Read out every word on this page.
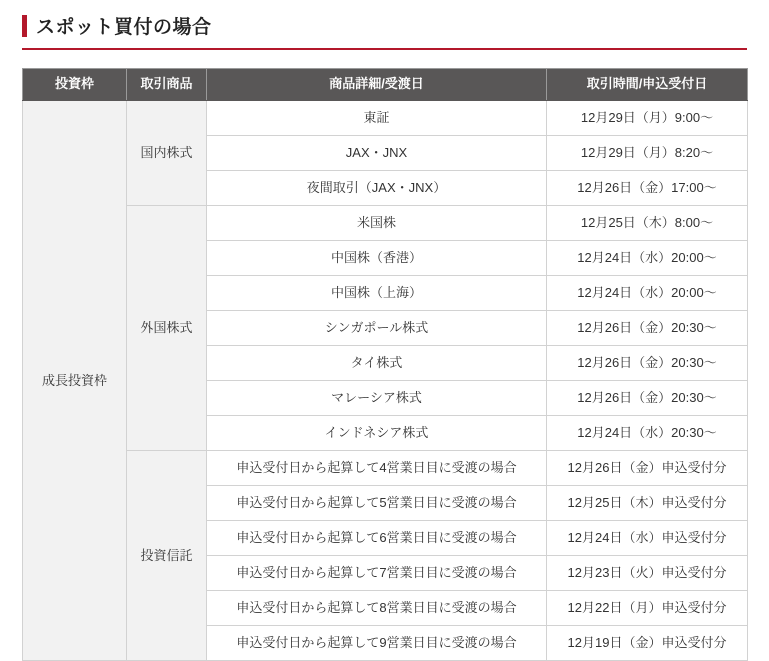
スポット買付の場合
投資枠	取引商品	商品詳細/受渡日	取引時間/申込受付日
成長投資枠	国内株式	東証	12月29日（月）9:00～
		JAX・JNX	12月29日（月）8:20～
		夜間取引（JAX・JNX）	12月26日（金）17:00～
	外国株式	米国株	12月25日（木）8:00～
		中国株（香港）	12月24日（水）20:00～
		中国株（上海）	12月24日（水）20:00～
		シンガポール株式	12月26日（金）20:30～
		タイ株式	12月26日（金）20:30～
		マレーシア株式	12月26日（金）20:30～
		インドネシア株式	12月24日（水）20:30～
	投資信託	申込受付日から起算して4営業日目に受渡の場合	12月26日（金）申込受付分
		申込受付日から起算して5営業日目に受渡の場合	12月25日（木）申込受付分
		申込受付日から起算して6営業日目に受渡の場合	12月24日（水）申込受付分
		申込受付日から起算して7営業日目に受渡の場合	12月23日（火）申込受付分
		申込受付日から起算して8営業日目に受渡の場合	12月22日（月）申込受付分
		申込受付日から起算して9営業日目に受渡の場合	12月19日（金）申込受付分
